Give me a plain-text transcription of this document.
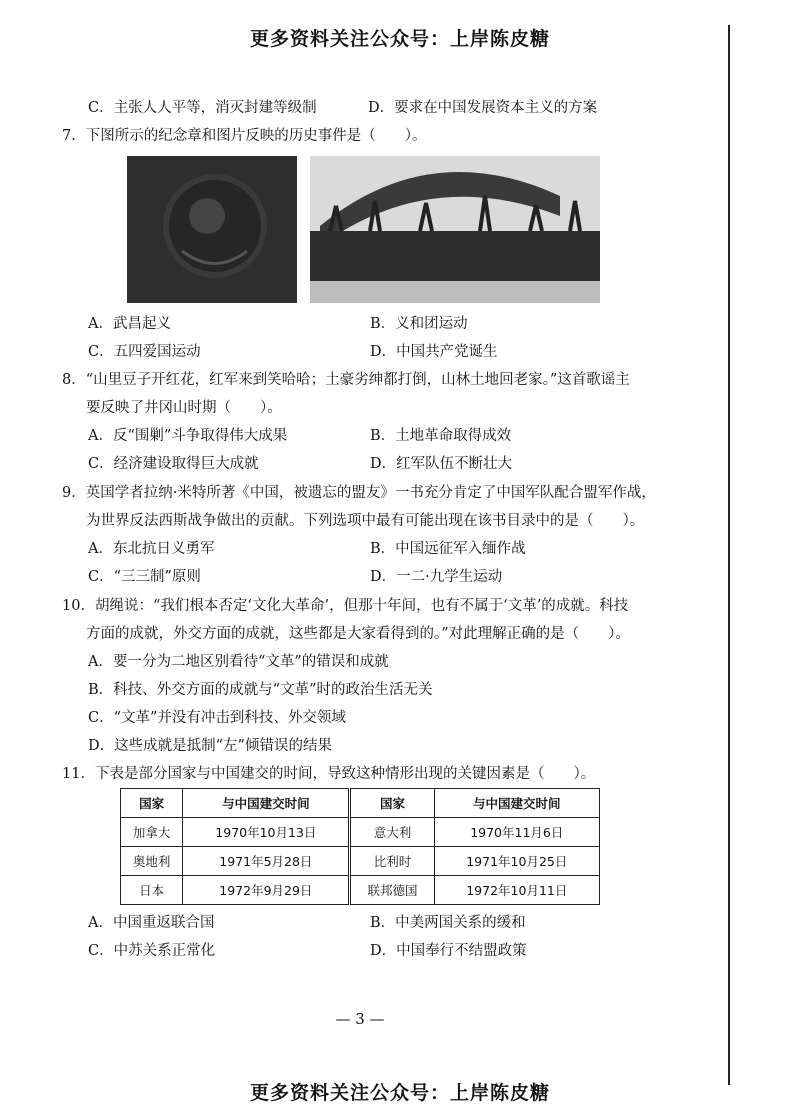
更多资料关注公众号：上岸陈皮糖
C．主张人人平等，消灭封建等级制	D．要求在中国发展资本主义的方案
7．下图所示的纪念章和图片反映的历史事件是（　　）。
A．武昌起义	B．义和团运动
C．五四爱国运动	D．中国共产党诞生
8．“山里豆子开红花，红军来到笑哈哈；土豪劣绅都打倒，山林土地回老家。”这首歌谣主
要反映了井冈山时期（　　）。
A．反“围剿”斗争取得伟大成果	B．土地革命取得成效
C．经济建设取得巨大成就	D．红军队伍不断壮大
9．英国学者拉纳·米特所著《中国，被遗忘的盟友》一书充分肯定了中国军队配合盟军作战，
为世界反法西斯战争做出的贡献。下列选项中最有可能出现在该书目录中的是（　　）。
A．东北抗日义勇军	B．中国远征军入缅作战
C．“三三制”原则	D．一二·九学生运动
10．胡绳说：“我们根本否定‘文化大革命’，但那十年间，也有不属于‘文革’的成就。科技
方面的成就，外交方面的成就，这些都是大家看得到的。”对此理解正确的是（　　）。
A．要一分为二地区别看待“文革”的错误和成就
B．科技、外交方面的成就与“文革”时的政治生活无关
C．“文革”并没有冲击到科技、外交领域
D．这些成就是抵制“左”倾错误的结果
11．下表是部分国家与中国建交的时间，导致这种情形出现的关键因素是（　　）。
国家	与中国建交时间	国家	与中国建交时间
加拿大	1970年10月13日	意大利	1970年11月6日
奥地利	1971年5月28日	比利时	1971年10月25日
日本	1972年9月29日	联邦德国	1972年10月11日
A．中国重返联合国	B．中美两国关系的缓和
C．中苏关系正常化	D．中国奉行不结盟政策
— 3 —
更多资料关注公众号：上岸陈皮糖
